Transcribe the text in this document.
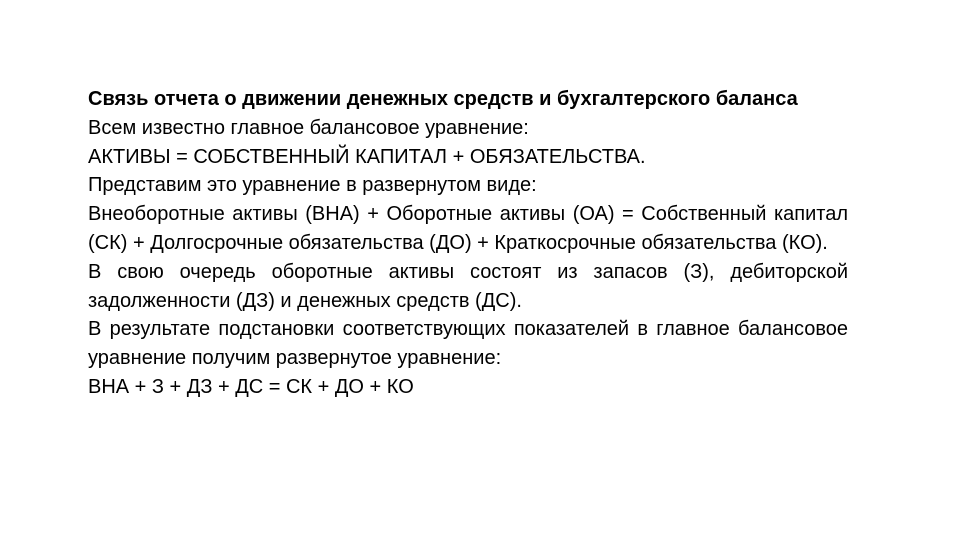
Связь отчета о движении денежных средств и бухгалтерского баланса

Всем известно главное балансовое уравнение:

АКТИВЫ = СОБСТВЕННЫЙ КАПИТАЛ + ОБЯЗАТЕЛЬСТВА.

Представим это уравнение в развернутом виде:

Внеоборотные активы (ВНА) + Оборотные активы (ОА) = Собственный капитал (СК) + Долгосрочные обязательства (ДО) + Краткосрочные обязательства (КО).

В свою очередь оборотные активы состоят из запасов (З), дебиторской задолженности (ДЗ) и денежных средств (ДС).

В результате подстановки соответствующих показателей в главное балансовое уравнение получим развернутое уравнение:

ВНА + З + ДЗ + ДС = СК + ДО + КО
